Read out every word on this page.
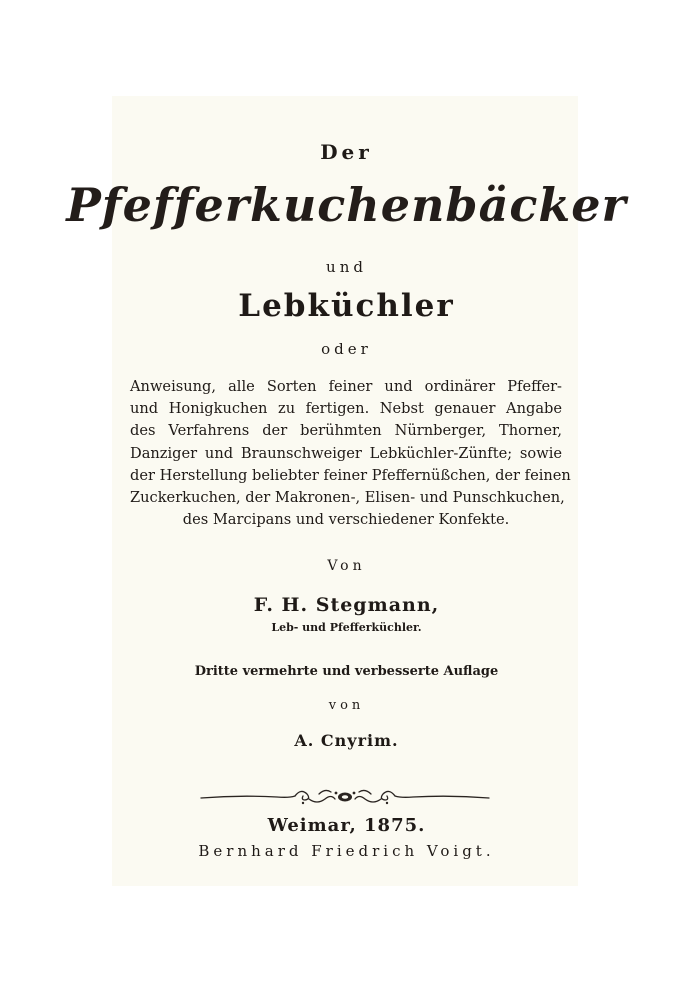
Der
Pfefferkuchenbäcker
und
Lebküchler
oder
Anweisung, alle Sorten feiner und ordinärer Pfeffer-
und Honigkuchen zu fertigen. Nebst genauer Angabe
des Verfahrens der berühmten Nürnberger, Thorner,
Danziger und Braunschweiger Lebküchler-Zünfte; sowie
der Herstellung beliebter feiner Pfeffernüßchen, der feinen
Zuckerkuchen, der Makronen-, Elisen- und Punschkuchen,
des Marcipans und verschiedener Konfekte.
Von
F. H. Stegmann,
Leb- und Pfefferküchler.
Dritte vermehrte und verbesserte Auflage
von
A. Cnyrim.
Weimar, 1875.
Bernhard Friedrich Voigt.
